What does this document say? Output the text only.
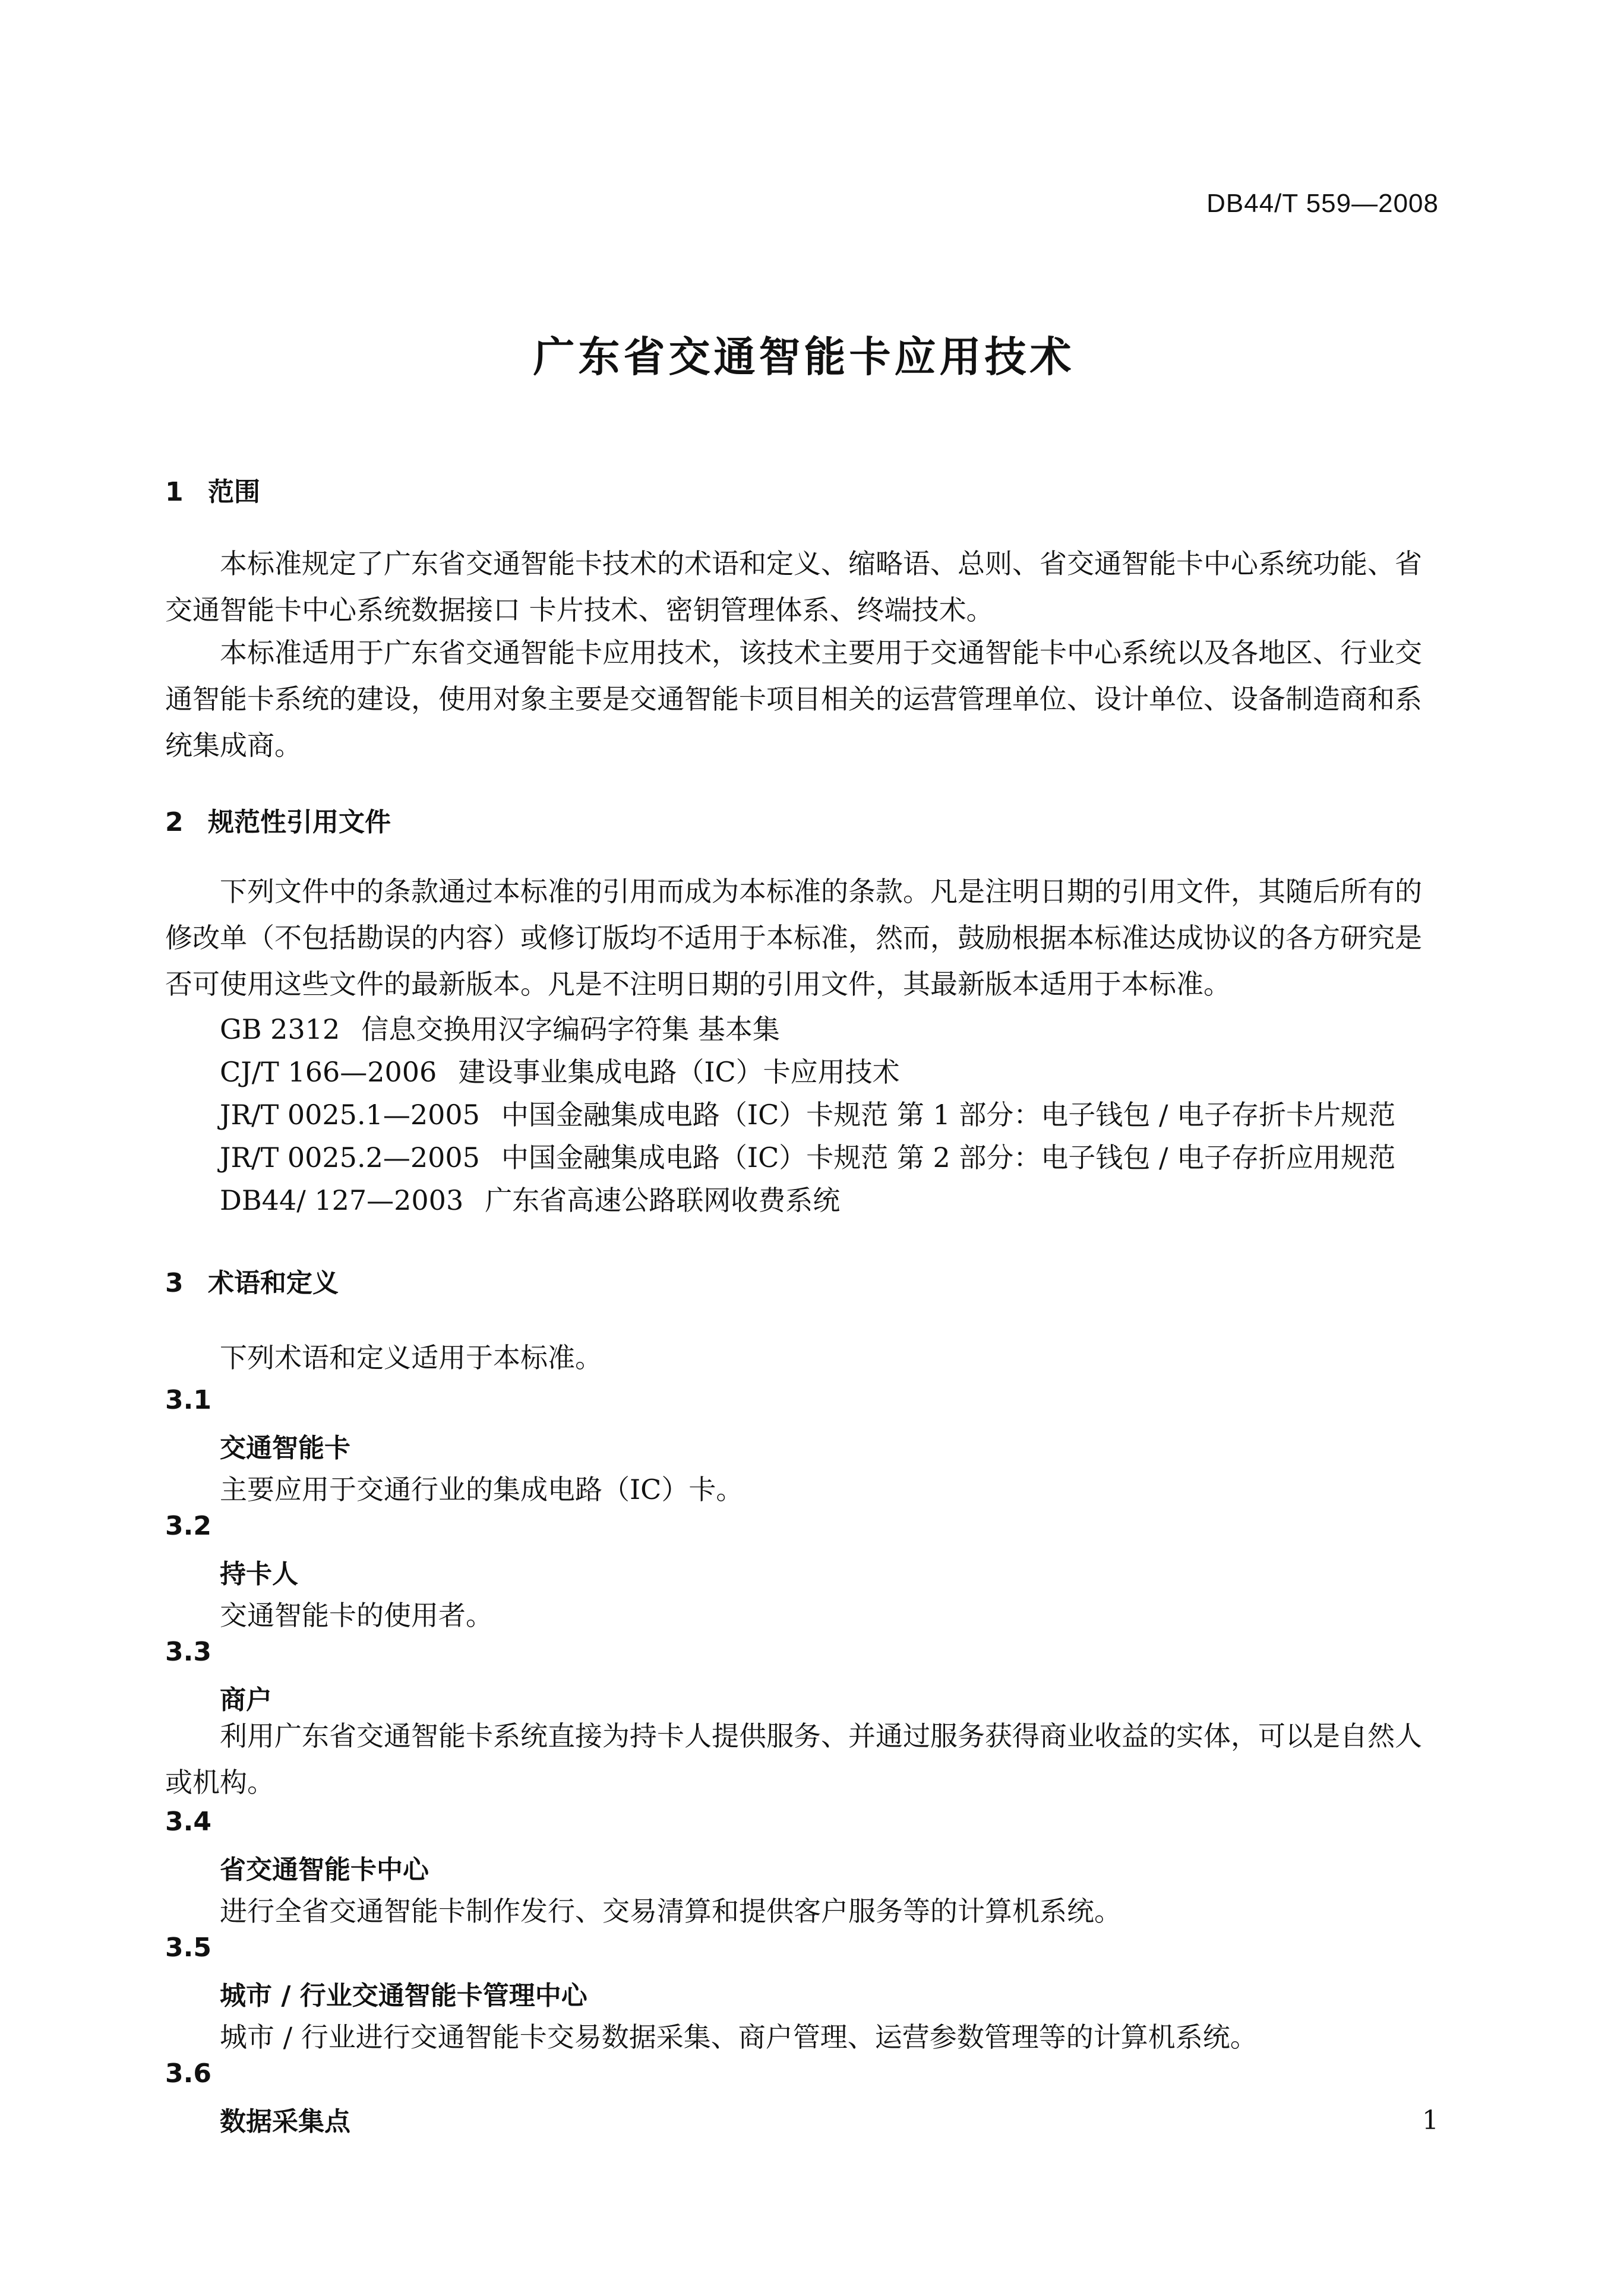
DB44/T 559—2008
广东省交通智能卡应用技术
1 范围
本标准规定了广东省交通智能卡技术的术语和定义、缩略语、总则、省交通智能卡中心系统功能、省
交通智能卡中心系统数据接口 卡片技术、密钥管理体系、终端技术。
本标准适用于广东省交通智能卡应用技术，该技术主要用于交通智能卡中心系统以及各地区、行业交
通智能卡系统的建设，使用对象主要是交通智能卡项目相关的运营管理单位、设计单位、设备制造商和系
统集成商。
2 规范性引用文件
下列文件中的条款通过本标准的引用而成为本标准的条款。凡是注明日期的引用文件，其随后所有的
修改单（不包括勘误的内容）或修订版均不适用于本标准，然而，鼓励根据本标准达成协议的各方研究是
否可使用这些文件的最新版本。凡是不注明日期的引用文件，其最新版本适用于本标准。
GB 2312 信息交换用汉字编码字符集 基本集
CJ/T 166—2006 建设事业集成电路（IC）卡应用技术
JR/T 0025.1—2005 中国金融集成电路（IC）卡规范 第 1 部分：电子钱包 / 电子存折卡片规范
JR/T 0025.2—2005 中国金融集成电路（IC）卡规范 第 2 部分：电子钱包 / 电子存折应用规范
DB44/ 127—2003 广东省高速公路联网收费系统
3 术语和定义
下列术语和定义适用于本标准。
3.1
交通智能卡
主要应用于交通行业的集成电路（IC）卡。
3.2
持卡人
交通智能卡的使用者。
3.3
商户
利用广东省交通智能卡系统直接为持卡人提供服务、并通过服务获得商业收益的实体，可以是自然人
或机构。
3.4
省交通智能卡中心
进行全省交通智能卡制作发行、交易清算和提供客户服务等的计算机系统。
3.5
城市 / 行业交通智能卡管理中心
城市 / 行业进行交通智能卡交易数据采集、商户管理、运营参数管理等的计算机系统。
3.6
数据采集点	1
